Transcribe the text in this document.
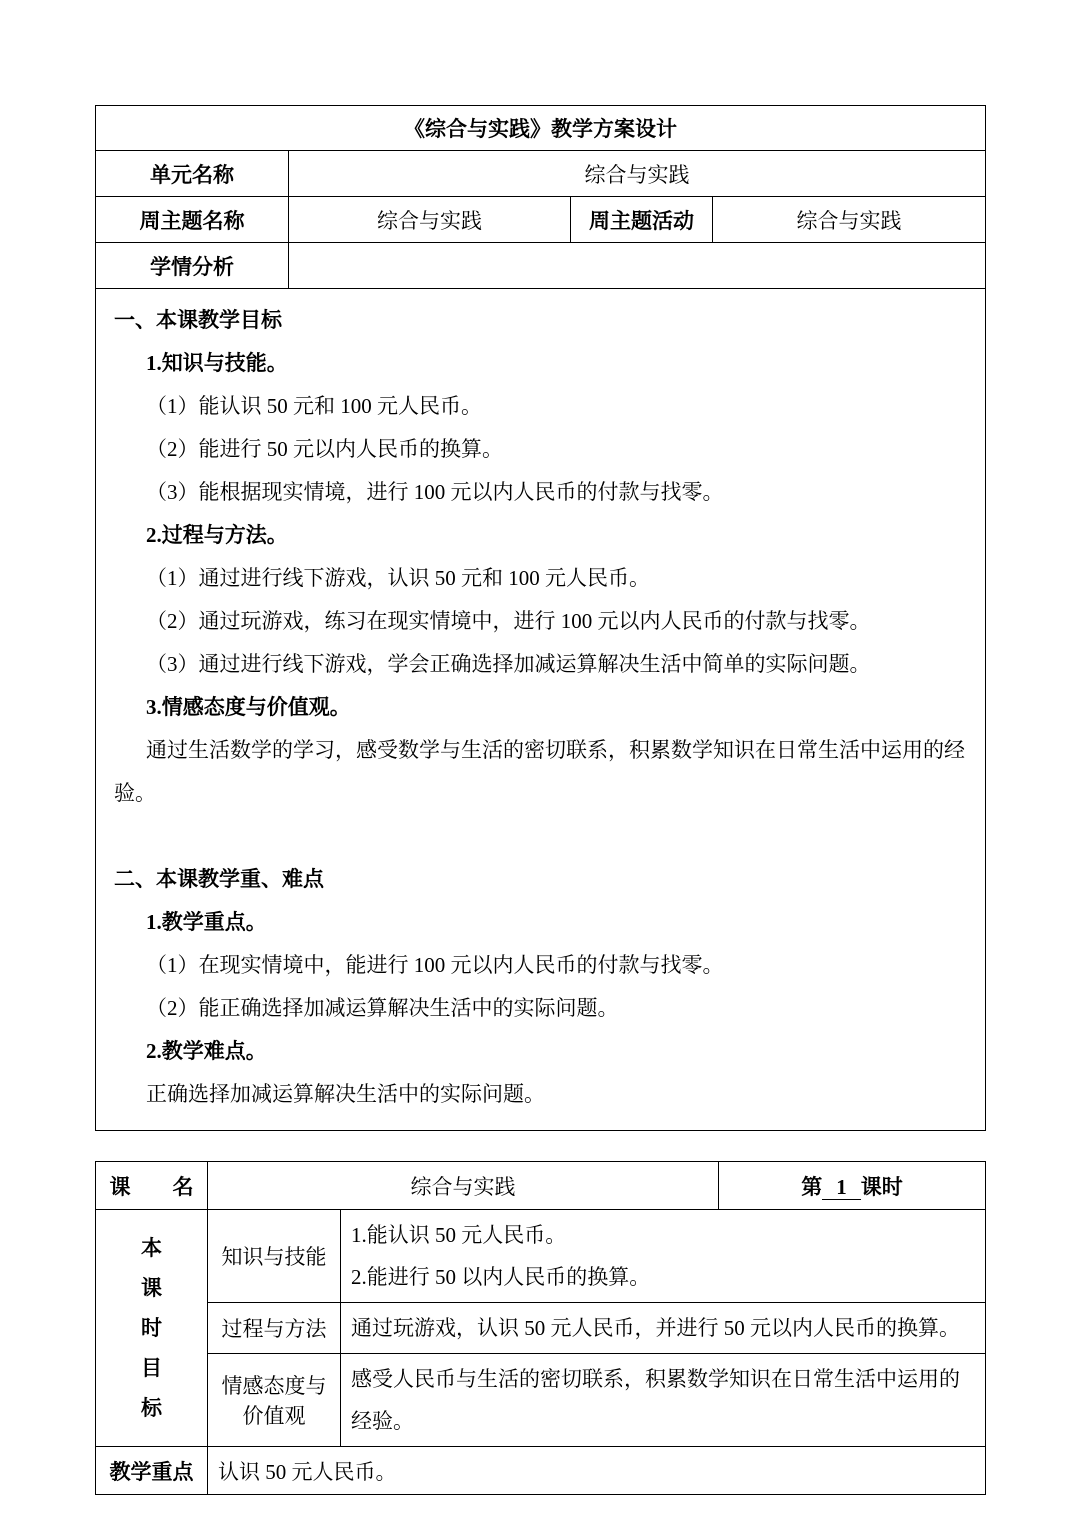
《综合与实践》教学方案设计			
单元名称	综合与实践		
周主题名称	综合与实践	周主题活动	综合与实践
学情分析			

一、本课教学目标
1.知识与技能。
（1）能认识 50 元和 100 元人民币。
（2）能进行 50 元以内人民币的换算。
（3）能根据现实情境，进行 100 元以内人民币的付款与找零。
2.过程与方法。
（1）通过进行线下游戏，认识 50 元和 100 元人民币。
（2）通过玩游戏，练习在现实情境中，进行 100 元以内人民币的付款与找零。
（3）通过进行线下游戏，学会正确选择加减运算解决生活中简单的实际问题。
3.情感态度与价值观。
通过生活数学的学习，感受数学与生活的密切联系，积累数学知识在日常生活中运用的经验。
二、本课教学重、难点
1.教学重点。
（1）在现实情境中，能进行 100 元以内人民币的付款与找零。
（2）能正确选择加减运算解决生活中的实际问题。
2.教学难点。
正确选择加减运算解决生活中的实际问题。
课　　名	综合与实践		第 1 课时

本课时目标	知识与技能	1.能认识 50 元人民币。
2.能进行 50 以内人民币的换算。	

	过程与方法	通过玩游戏，认识 50 元人民币，并进行 50 元以内人民币的换算。	

	情感态度与价值观	感受人民币与生活的密切联系，积累数学知识在日常生活中运用的经验。	

教学重点	认识 50 元人民币。		
